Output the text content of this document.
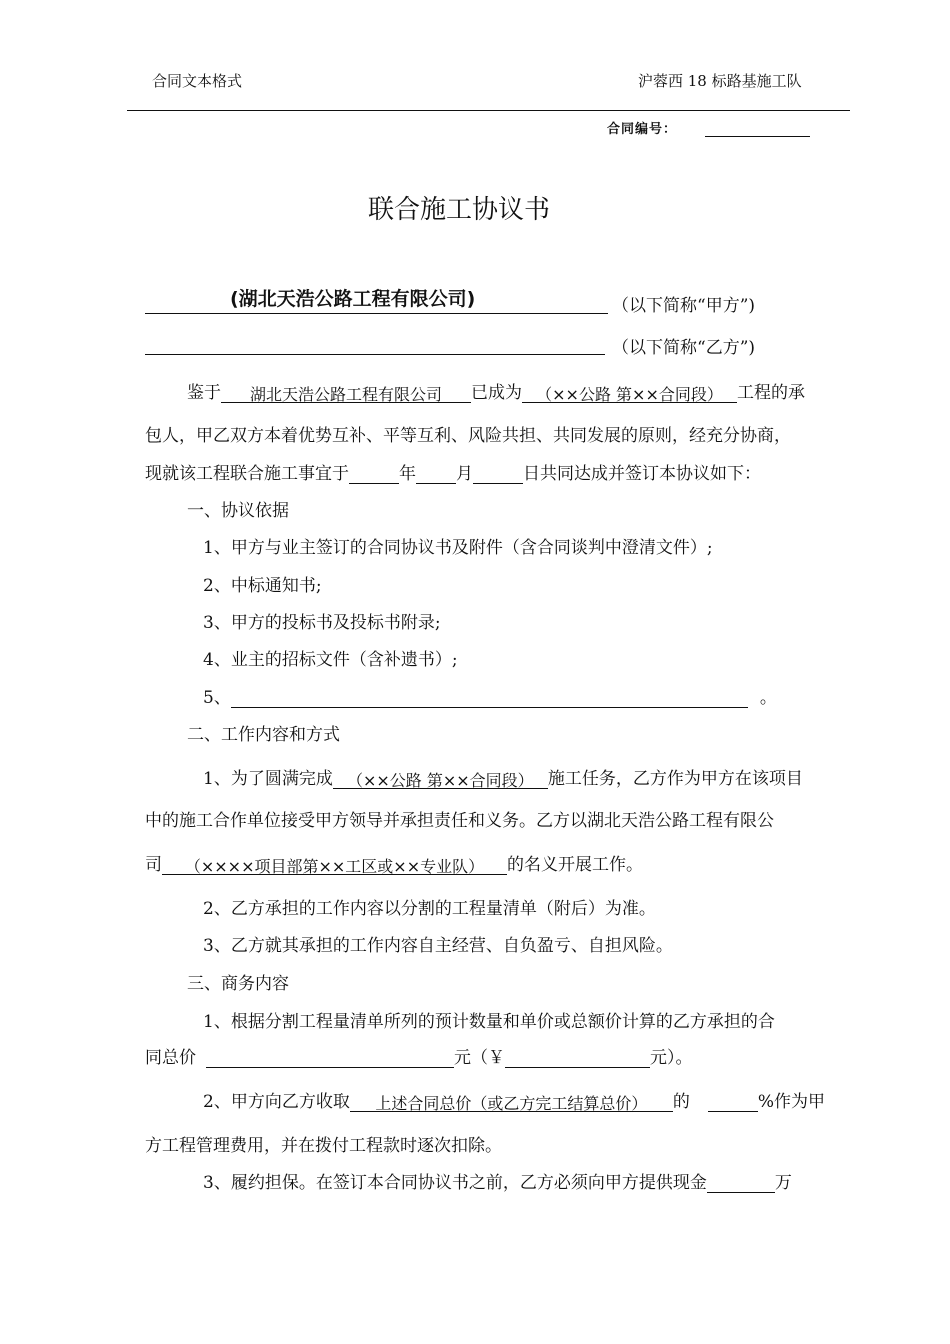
合同文本格式	沪蓉西 18 标路基施工队
合同编号：
联合施工协议书
(湖北天浩公路工程有限公司)	（以下简称“甲方”)
（以下简称“乙方”)
鉴于 湖北天浩公路工程有限公司 已成为 （××公路 第××合同段） 工程的承
包人，甲乙双方本着优势互补、平等互利、风险共担、共同发展的原则，经充分协商，
现就该工程联合施工事宜于	年 月	日共同达成并签订本协议如下：
一、协议依据
1、甲方与业主签订的合同协议书及附件（含合同谈判中澄清文件）;
2、中标通知书;
3、甲方的投标书及投标书附录;
4、业主的招标文件（含补遗书）;
5、	。
二、工作内容和方式
1、为了圆满完成 （××公路 第××合同段） 施工任务，乙方作为甲方在该项目
中的施工合作单位接受甲方领导并承担责任和义务。乙方以湖北天浩公路工程有限公
司 （××××项目部第××工区或××专业队） 的名义开展工作。
2、乙方承担的工作内容以分割的工程量清单（附后）为准。
3、乙方就其承担的工作内容自主经营、自负盈亏、自担风险。
三、商务内容
1、根据分割工程量清单所列的预计数量和单价或总额价计算的乙方承担的合
同总价	元（￥	元）。
2、甲方向乙方收取 上述合同总价（或乙方完工结算总价） 的	%作为甲
方工程管理费用，并在拨付工程款时逐次扣除。
3、履约担保。在签订本合同协议书之前，乙方必须向甲方提供现金	万
